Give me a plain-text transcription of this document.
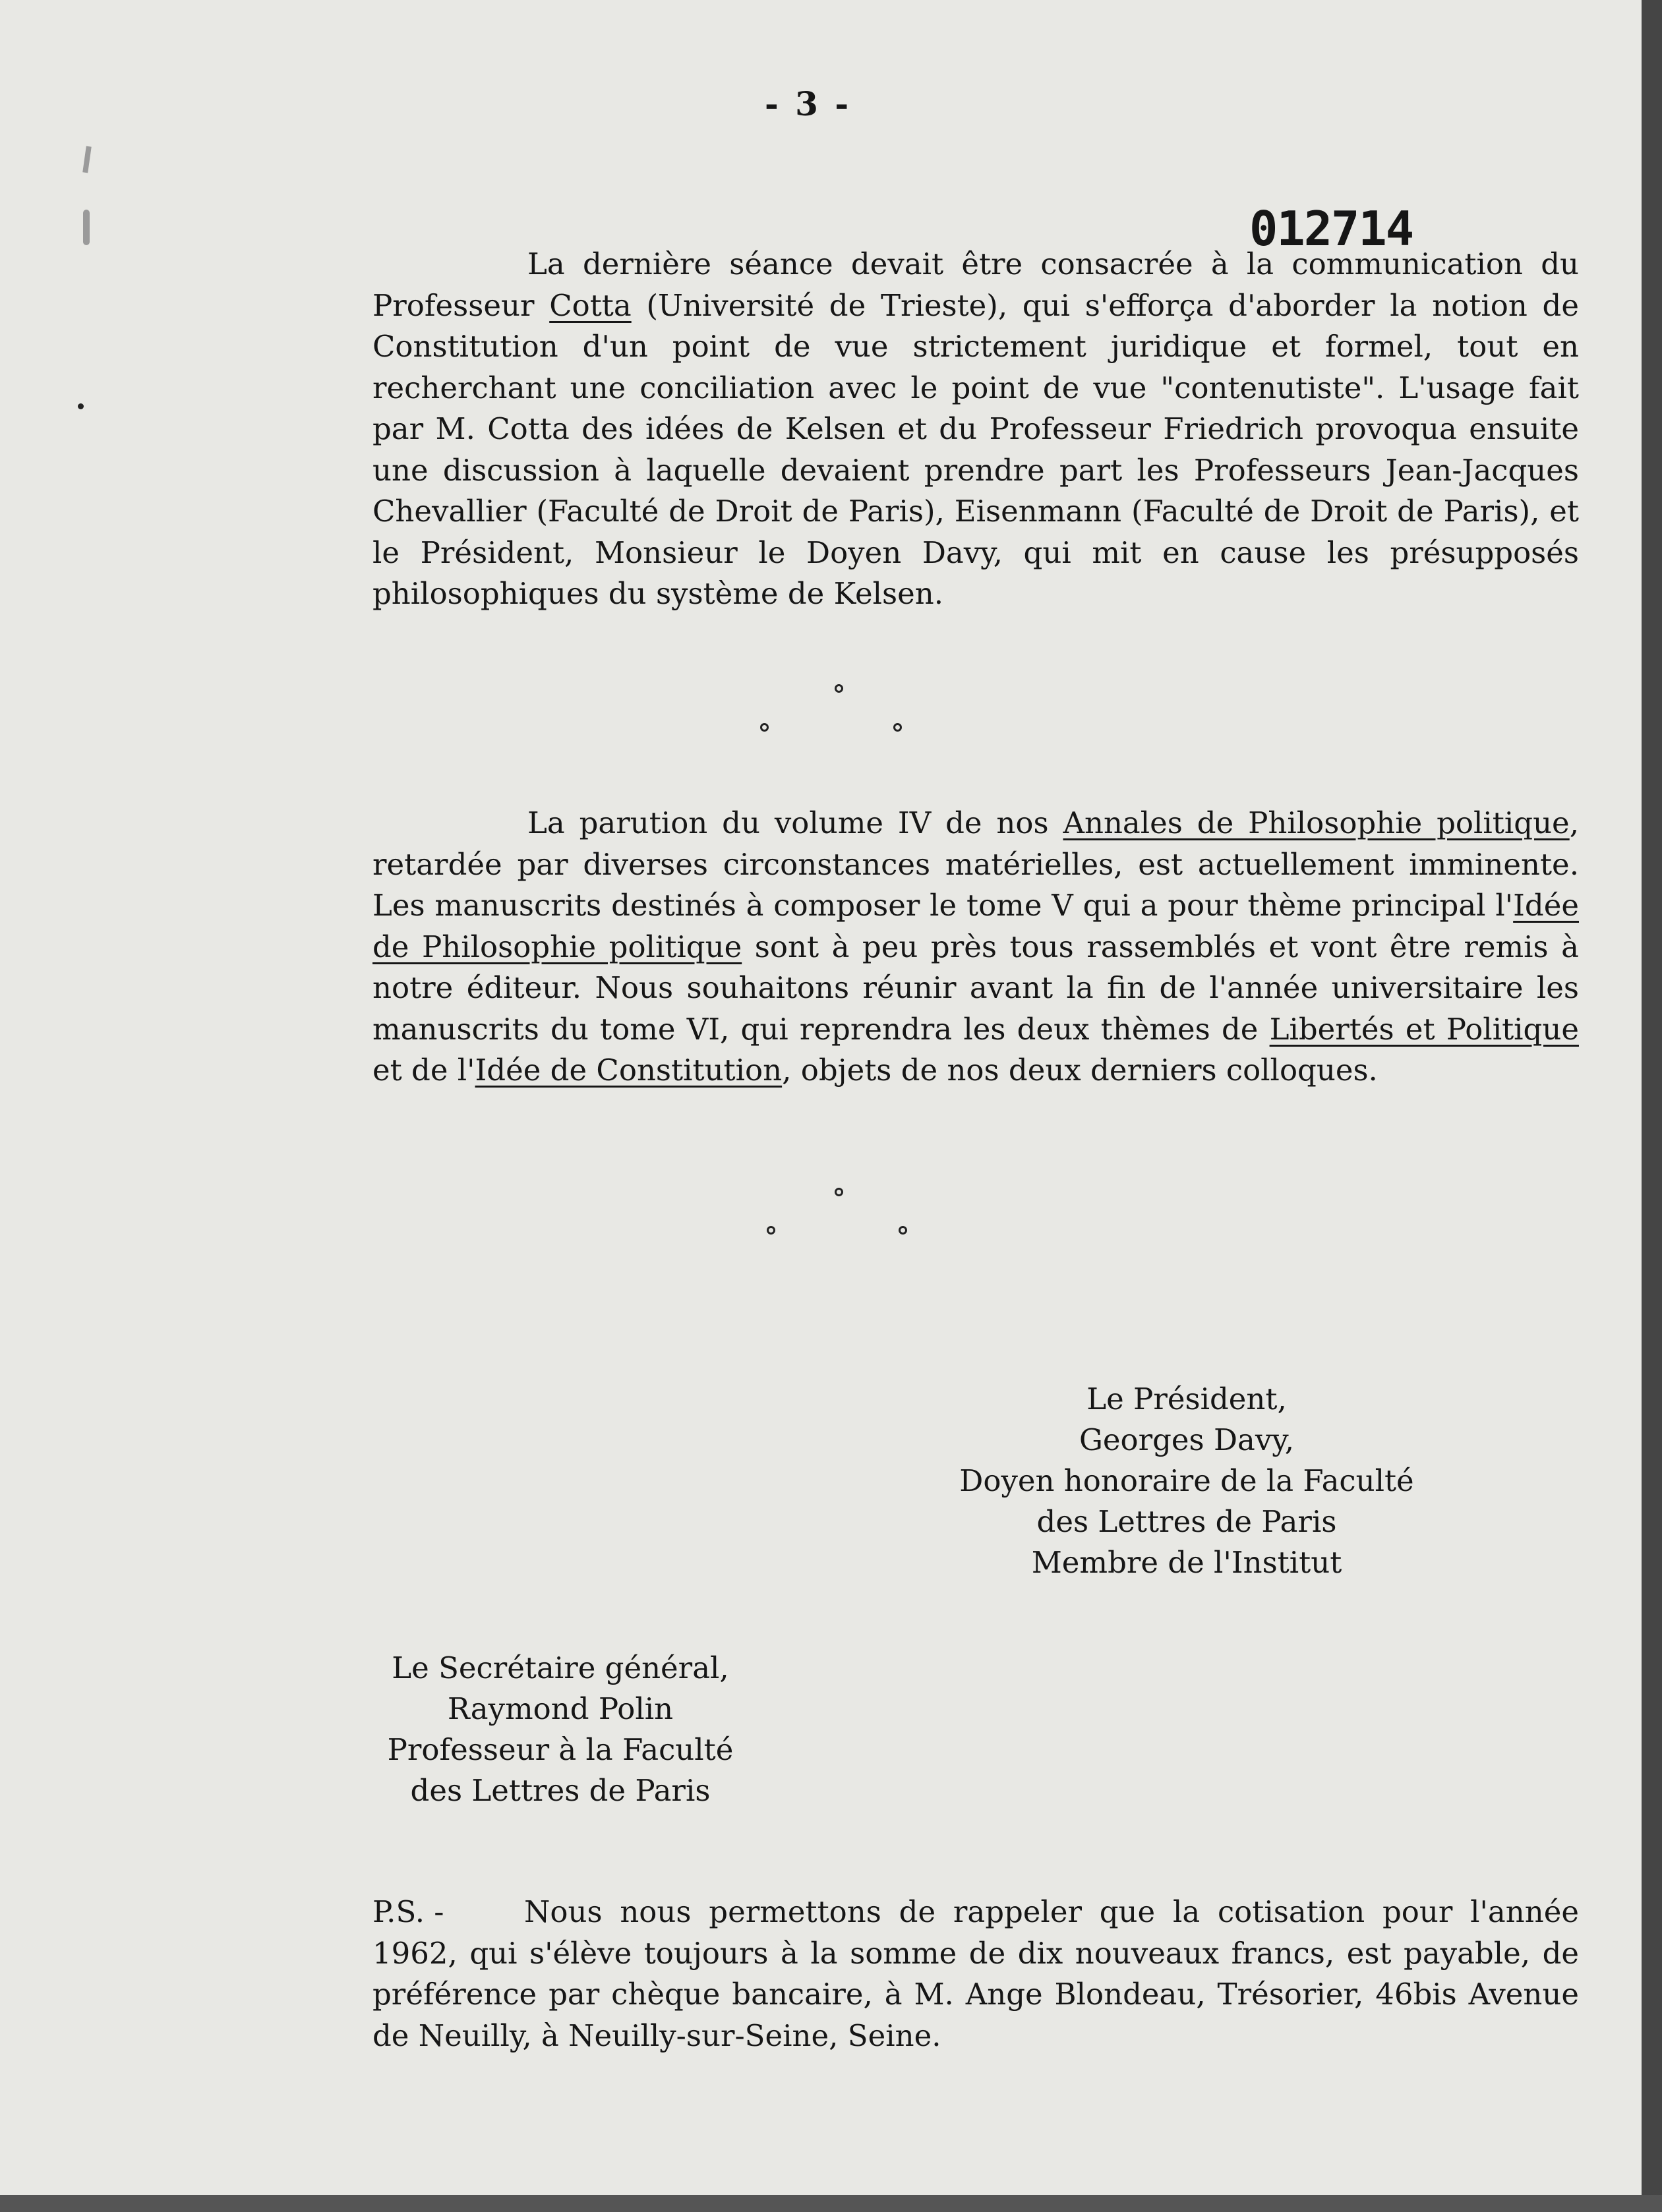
- 3 -
012714

La dernière séance devait être consacrée à la communication du Professeur Cotta (Université de Trieste), qui s'efforça d'aborder la notion de Constitution d'un point de vue strictement juridique et formel, tout en recherchant une conciliation avec le point de vue "contenutiste". L'usage fait par M. Cotta des idées de Kelsen et du Professeur Friedrich provoqua ensuite une discussion à laquelle devaient prendre part les Professeurs Jean-Jacques Chevallier (Faculté de Droit de Paris), Eisenmann (Faculté de Droit de Paris), et le Président, Monsieur le Doyen Davy, qui mit en cause les présupposés philosophiques du système de Kelsen.

La parution du volume IV de nos Annales de Philosophie politique, retardée par diverses circonstances matérielles, est actuellement imminente. Les manuscrits destinés à composer le tome V qui a pour thème principal l'Idée de Philosophie politique sont à peu près tous rassemblés et vont être remis à notre éditeur. Nous souhaitons réunir avant la fin de l'année universitaire les manuscrits du tome VI, qui reprendra les deux thèmes de Libertés et Politique et de l'Idée de Constitution, objets de nos deux derniers colloques.

Le Président,
Georges Davy,
Doyen honoraire de la Faculté
des Lettres de Paris
Membre de l'Institut
Le Secrétaire général,
Raymond Polin
Professeur à la Faculté
des Lettres de Paris

P.S. -	Nous nous permettons de rappeler que la cotisation pour l'année 1962, qui s'élève toujours à la somme de dix nouveaux francs, est payable, de préférence par chèque bancaire, à M. Ange Blondeau, Trésorier, 46bis Avenue de Neuilly, à Neuilly-sur-Seine, Seine.
